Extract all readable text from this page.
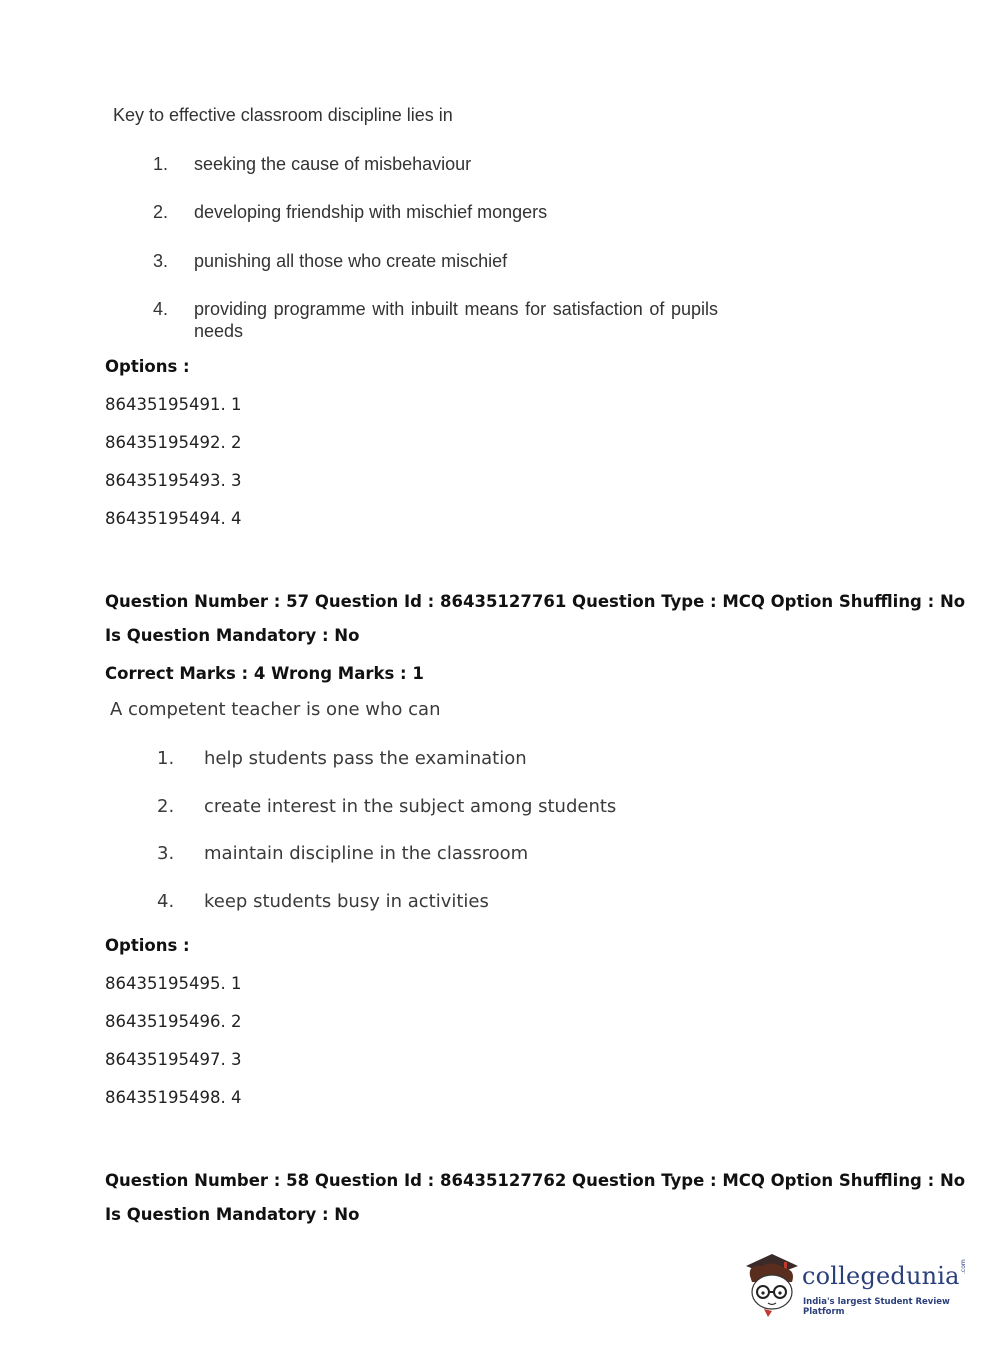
Key to effective classroom discipline lies in
1. seeking the cause of misbehaviour
2. developing friendship with mischief mongers
3. punishing all those who create mischief
4. providing programme with inbuilt means for satisfaction of pupils
needs
Options :
86435195491. 1
86435195492. 2
86435195493. 3
86435195494. 4
Question Number : 57 Question Id : 86435127761 Question Type : MCQ Option Shuffling : No
Is Question Mandatory : No
Correct Marks : 4 Wrong Marks : 1
A competent teacher is one who can
1. help students pass the examination
2. create interest in the subject among students
3. maintain discipline in the classroom
4. keep students busy in activities
Options :
86435195495. 1
86435195496. 2
86435195497. 3
86435195498. 4
Question Number : 58 Question Id : 86435127762 Question Type : MCQ Option Shuffling : No
Is Question Mandatory : No
collegedunia .com
India's largest Student Review Platform
